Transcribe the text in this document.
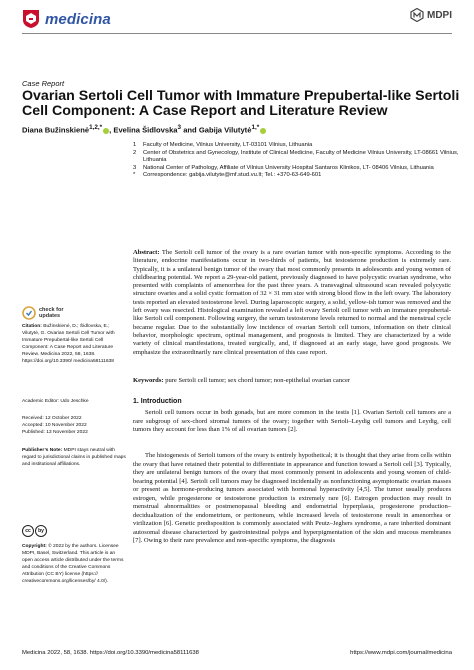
medicina	MDPI
Case Report
Ovarian Sertoli Cell Tumor with Immature Prepubertal-like Sertoli Cell Component: A Case Report and Literature Review
Diana Bužinskienė$^{1,2,*}$ , Evelina Šidlovska$^3$ and Gabija Vilutytė$^{1,*}$
1	Faculty of Medicine, Vilnius University, LT-03101 Vilnius, Lithuania
2	Center of Obstetrics and Gynecology, Institute of Clinical Medicine, Faculty of Medicine Vilnius University, LT-08661 Vilnius, Lithuania
3	National Center of Pathology, Affiliate of Vilnius University Hospital Santaros Klinikos, LT- 08406 Vilnius, Lithuania
*	Correspondence: gabija.vilutyte@mf.stud.vu.lt; Tel.: +370-63-649-601
Abstract: The Sertoli cell tumor of the ovary is a rare ovarian tumor with non-specific symptoms. According to the literature, endocrine manifestations occur in two-thirds of patients, but testosterone production is extremely rare. Typically, it is a unilateral benign tumor of the ovary that most commonly presents in adolescents and young women of childbearing potential. We report a 29-year-old patient, previously diagnosed to have polycystic ovarian syndrome, who presented with complaints of amenorrhea for the past three years. A transvaginal ultrasound scan revealed polycystic structure ovaries and a solid cystic formation of 32 × 31 mm size with strong blood flow in the left ovary. The laboratory tests reported an elevated testosterone level. During laparoscopic surgery, a solid, yellow-ish tumor was removed and the left ovary was resected. Histological examination revealed a left ovary Sertoli cell tumor with an immature prepubertal-like Sertoli cell component. Following surgery, the serum testosterone levels returned to normal and the menstrual cycle became regular. Due to the substantially low incidence of ovarian Sertoli cell tumors, information on their clinical behavior, morphologic spectrum, optimal management, and prognosis is limited. They are characterized by a wide variety of clinical manifestations, treated surgically, and, if diagnosed at an early stage, have good prognosis. We emphasize the extraordinarily rare clinical presentation of this case report.
Keywords: pure Sertoli cell tumor; sex chord tumor; non-epithelial ovarian cancer
1. Introduction
Sertoli cell tumors occur in both gonads, but are more common in the testis [1]. Ovarian Sertoli cell tumors are a rare subgroup of sex-chord stromal tumors of the ovary; together with Sertoli–Leydig cell tumors and Leydig, cell tumors they account for less than 1% of all ovarian tumors [2].
The histogenesis of Sertoli tumors of the ovary is entirely hypothetical; it is thought that they arise from cells within the ovary that have retained their potential to differentiate in appearance and function toward a Sertoli cell [3]. Typically, they are unilateral benign tumors of the ovary that most commonly present in adolescents and young women of child-bearing potential [4]. Sertoli cell tumors may be diagnosed incidentally as nonfunctioning asymptomatic ovarian masses or present as hormone-producing tumors associated with hormonal hyperactivity [4,5]. The tumor usually produces estrogen, while progesterone or testosterone production is extremely rare [6]. Estrogen production may result in menstrual abnormalities or postmenopausal bleeding and endometrial hyperplasia, progesterone production–decidualization of the endometrium, or peritoneum, while increased levels of testosterone result in amenorrhea or virilization [6]. Genetic predisposition is commonly associated with Peutz–Jeghers syndrome, a rare inherited dominant autosomal disease characterized by gastrointestinal polyps and hyperpigmentation of the skin and mucous membranes [7]. Owing to their rare prevalence and non-specific symptoms, the diagnosis
check for
updates
Citation: Bužinskienė, D.; Šidlovska, E.; Vilutytė, G. Ovarian Sertoli Cell Tumor with Immature Prepubertal-like Sertoli Cell Component: A Case Report and Literature Review. Medicina 2022, 58, 1638. https://doi.org/10.3390/ medicina58111638
Academic Editor: Udo Jeschke
Received: 12 October 2022
Accepted: 10 November 2022
Published: 13 November 2022
Publisher’s Note: MDPI stays neutral with regard to jurisdictional claims in published maps and institutional affiliations.
cc	by
Copyright: © 2022 by the authors. Licensee MDPI, Basel, Switzerland. This article is an open access article distributed under the terms and conditions of the Creative Commons Attribution (CC BY) license (https:// creativecommons.org/licenses/by/ 4.0/).
Medicina 2022, 58, 1638. https://doi.org/10.3390/medicina58111638	https://www.mdpi.com/journal/medicina
